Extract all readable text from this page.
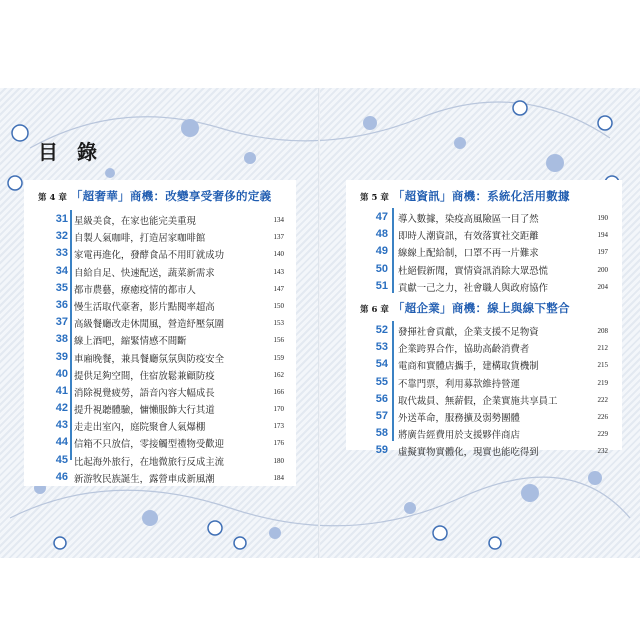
目 錄
第 4 章 「超奢華」商機：改變享受奢侈的定義
31 星級美食，在家也能完美重現	134
32 自製人氣咖啡，打造居家咖啡館	137
33 家電再進化，發酵食品不用盯就成功	140
34 自給自足、快速配送，蔬菜新需求	143
35 都市農藝，療癒疫情的都市人	147
36 慢生活取代豪奢，影片點閱率超高	150
37 高級餐廳改走休閒風，營造紓壓氛圍	153
38 線上酒吧，縮緊情感不間斷	156
39 車廂晚餐，兼具餐廳氛氛與防疫安全	159
40 提供足夠空間，住宿放鬆兼顧防疫	162
41 消除視覺疲勞，語音內容大幅成長	166
42 提升視聽體驗，慵懶服飾大行其道	170
43 走走出室內，庭院聚會人氣爆棚	173
44 信箱不只放信，零接觸型禮物受歡迎	176
45 比起海外旅行，在地微旅行反成主流	180
46 新游牧民族誕生，露營車成新風潮	184
第 5 章 「超資訊」商機：系統化活用數據
47 導入數據，染疫高風險區一目了然	190
48 即時人潮資訊，有效落實社交距離	194
49 線線上配給制，口罩不再一片難求	197
50 杜絕假新聞，實情資訊消除大眾恐慌	200
51 貢獻一己之力，社會職人與政府協作	204
第 6 章 「超企業」商機：線上與線下整合
52 發揮社會貢獻，企業支援不足物資	208
53 企業跨界合作，協助高齡消費者	212
54 電商和實體店攜手，建構取貨機制	215
55 不靠門票，利用募款維持營運	219
56 取代裁員、無薪假，企業實施共享員工	222
57 外送革命，服務擴及弱勢團體	226
58 將廣告經費用於支援夥伴商店	229
59 虛擬實物實體化，現實也能吃得到	232
